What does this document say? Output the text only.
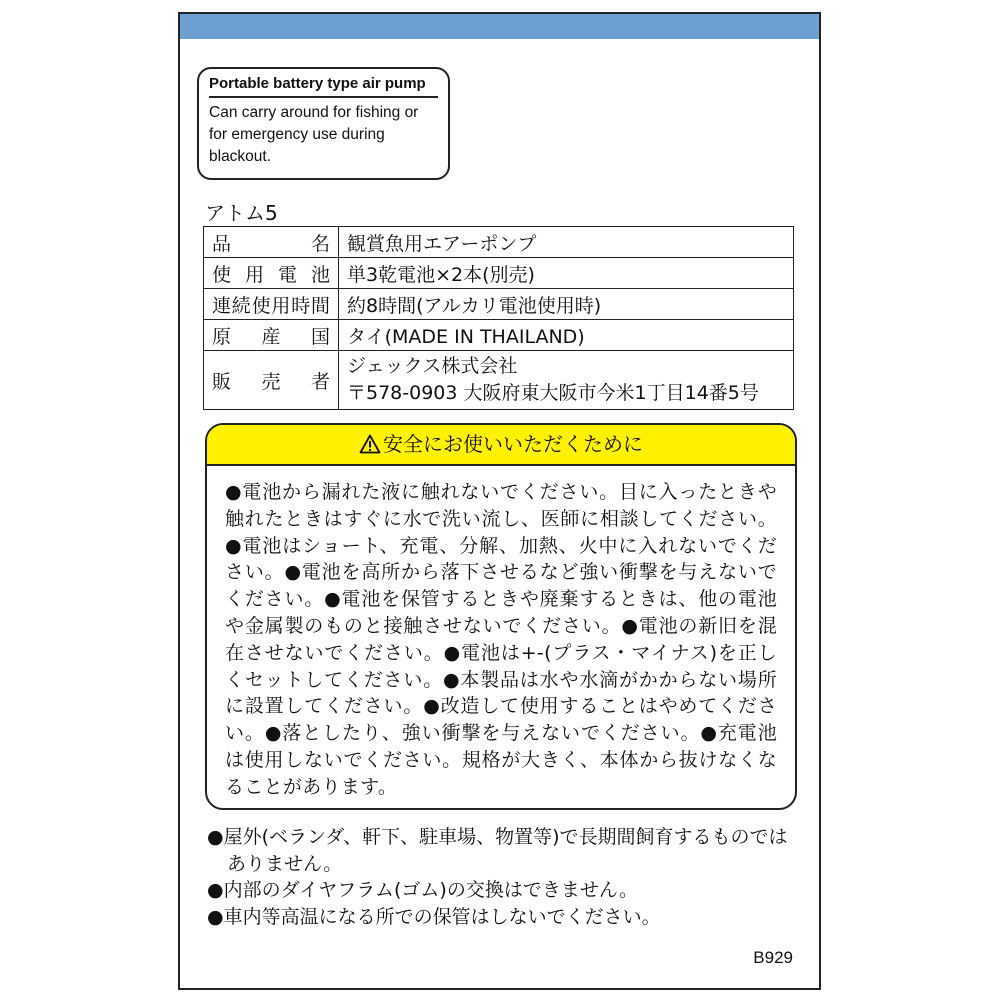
Portable battery type air pump
Can carry around for fishing or for emergency use during blackout.
アトム5
品名	観賞魚用エアーポンプ
使用電池	単3乾電池×2本(別売)
連続使用時間	約8時間(アルカリ電池使用時)
原産国	タイ(MADE IN THAILAND)
販売者	ジェックス株式会社
〒578-0903 大阪府東大阪市今米1丁目14番5号
安全にお使いいただくために
●電池から漏れた液に触れないでください。目に入ったときや触れたときはすぐに水で洗い流し、医師に相談してください。●電池はショート、充電、分解、加熱、火中に入れないでください。●電池を高所から落下させるなど強い衝撃を与えないでください。●電池を保管するときや廃棄するときは、他の電池や金属製のものと接触させないでください。●電池の新旧を混在させないでください。●電池は+-(プラス・マイナス)を正しくセットしてください。●本製品は水や水滴がかからない場所に設置してください。●改造して使用することはやめてください。●落としたり、強い衝撃を与えないでください。●充電池は使用しないでください。規格が大きく、本体から抜けなくなることがあります。
●屋外(ベランダ、軒下、駐車場、物置等)で長期間飼育するものではありません。
●内部のダイヤフラム(ゴム)の交換はできません。
●車内等高温になる所での保管はしないでください。
B929
